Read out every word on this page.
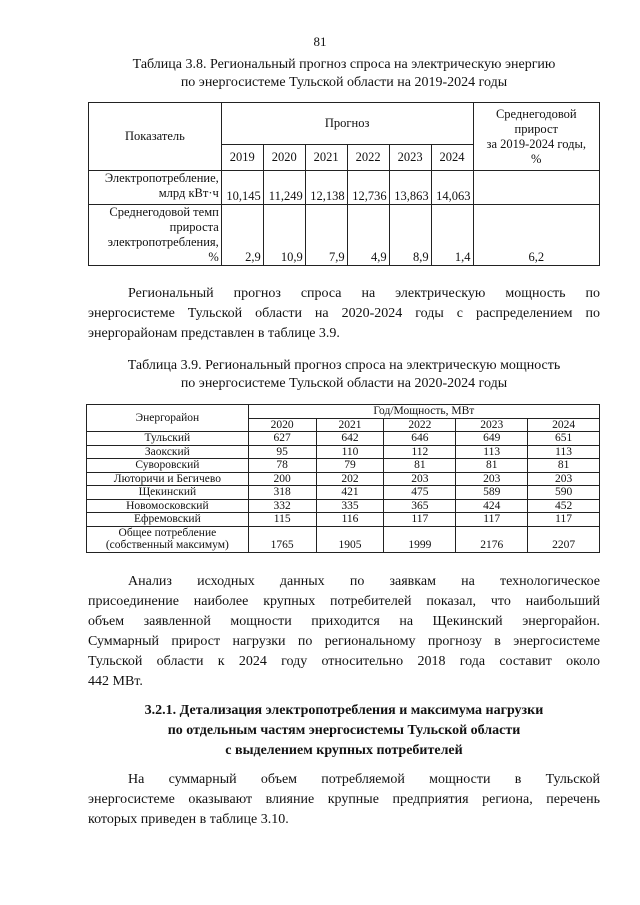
81
Таблица 3.8. Региональный прогноз спроса на электрическую энергию
по энергосистеме Тульской области на 2019-2024 годы
Показатель	Прогноз						Среднегодовой
прирост
за 2019-2024 годы,
%

	2019	2020	2021	2022	2023	2024	

Электропотребление,
млрд кВт·ч	10,145	11,249	12,138	12,736	13,863	14,063	

Среднегодовой темп
прироста
электропотребления,
%	2,9	10,9	7,9	4,9	8,9	1,4	6,2
Региональный прогноз спроса на электрическую мощность по
энергосистеме Тульской области на 2020-2024 годы с распределением по
энергорайонам представлен в таблице 3.9.
Таблица 3.9. Региональный прогноз спроса на электрическую мощность
по энергосистеме Тульской области на 2020-2024 годы
Энергорайон	Год/Мощность, МВт				
	2020	2021	2022	2023	2024
Тульский	627	642	646	649	651
Заокский	95	110	112	113	113
Суворовский	78	79	81	81	81
Люторичи и Бегичево	200	202	203	203	203
Щекинский	318	421	475	589	590
Новомосковский	332	335	365	424	452
Ефремовский	115	116	117	117	117

Общее потребление
(собственный максимум)	1765	1905	1999	2176	2207
Анализ исходных данных по заявкам на технологическое
присоединение наиболее крупных потребителей показал, что наибольший
объем заявленной мощности приходится на Щекинский энергорайон.
Суммарный прирост нагрузки по региональному прогнозу в энергосистеме
Тульской области к 2024 году относительно 2018 года составит около
442 МВт.
3.2.1. Детализация электропотребления и максимума нагрузки
по отдельным частям энергосистемы Тульской области
с выделением крупных потребителей
На суммарный объем потребляемой мощности в Тульской
энергосистеме оказывают влияние крупные предприятия региона, перечень
которых приведен в таблице 3.10.
